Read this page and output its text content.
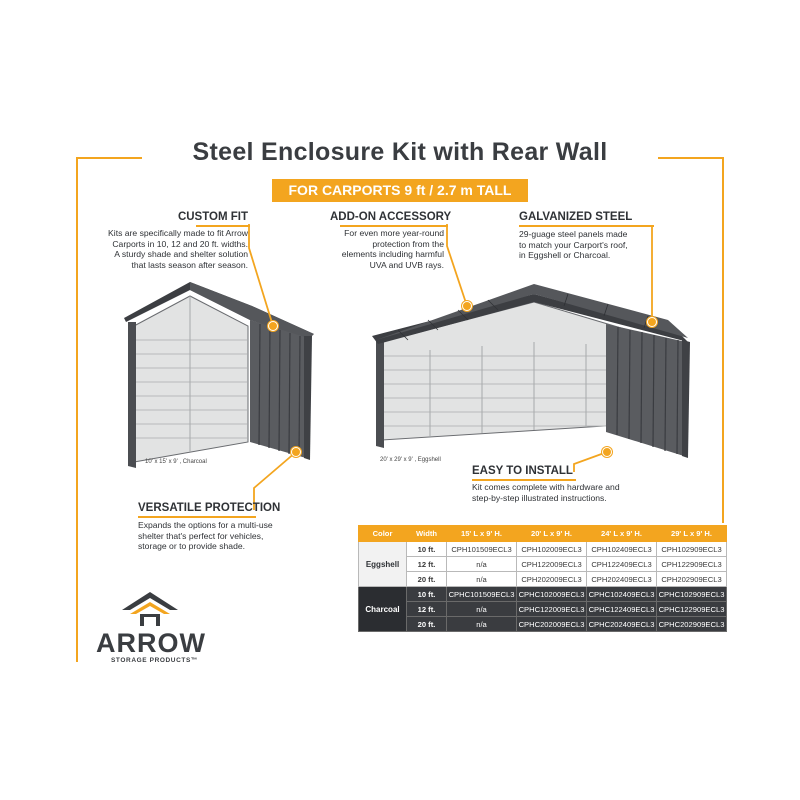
Steel Enclosure Kit with Rear Wall
FOR CARPORTS 9 ft / 2.7 m TALL
10' x 15' x 9' , Charcoal	20' x 29' x 9' , Eggshell
CUSTOM FIT
Kits are specifically made to fit Arrow
Carports in 10, 12 and 20 ft. widths.
A sturdy shade and shelter solution
that lasts season after season.
ADD-ON ACCESSORY
For even more year-round
protection from the
elements including harmful
UVA and UVB rays.
GALVANIZED STEEL
29-guage steel panels made
to match your Carport's roof,
in Eggshell or Charcoal.
VERSATILE PROTECTION
Expands the options for a multi-use
shelter that's perfect for vehicles,
storage or to provide shade.
EASY TO INSTALL
Kit comes complete with hardware and
step-by-step illustrated instructions.
Color	Width	15' L x 9' H.	20' L x 9' H.	24' L x 9' H.	29' L x 9' H.
Eggshell	10 ft.	CPH101509ECL3	CPH102009ECL3	CPH102409ECL3	CPH102909ECL3
	12 ft.	n/a	CPH122009ECL3	CPH122409ECL3	CPH122909ECL3
	20 ft.	n/a	CPH202009ECL3	CPH202409ECL3	CPH202909ECL3
Charcoal	10 ft.	CPHC101509ECL3	CPHC102009ECL3	CPHC102409ECL3	CPHC102909ECL3
	12 ft.	n/a	CPHC122009ECL3	CPHC122409ECL3	CPHC122909ECL3
	20 ft.	n/a	CPHC202009ECL3	CPHC202409ECL3	CPHC202909ECL3
ARROW
STORAGE PRODUCTS™
